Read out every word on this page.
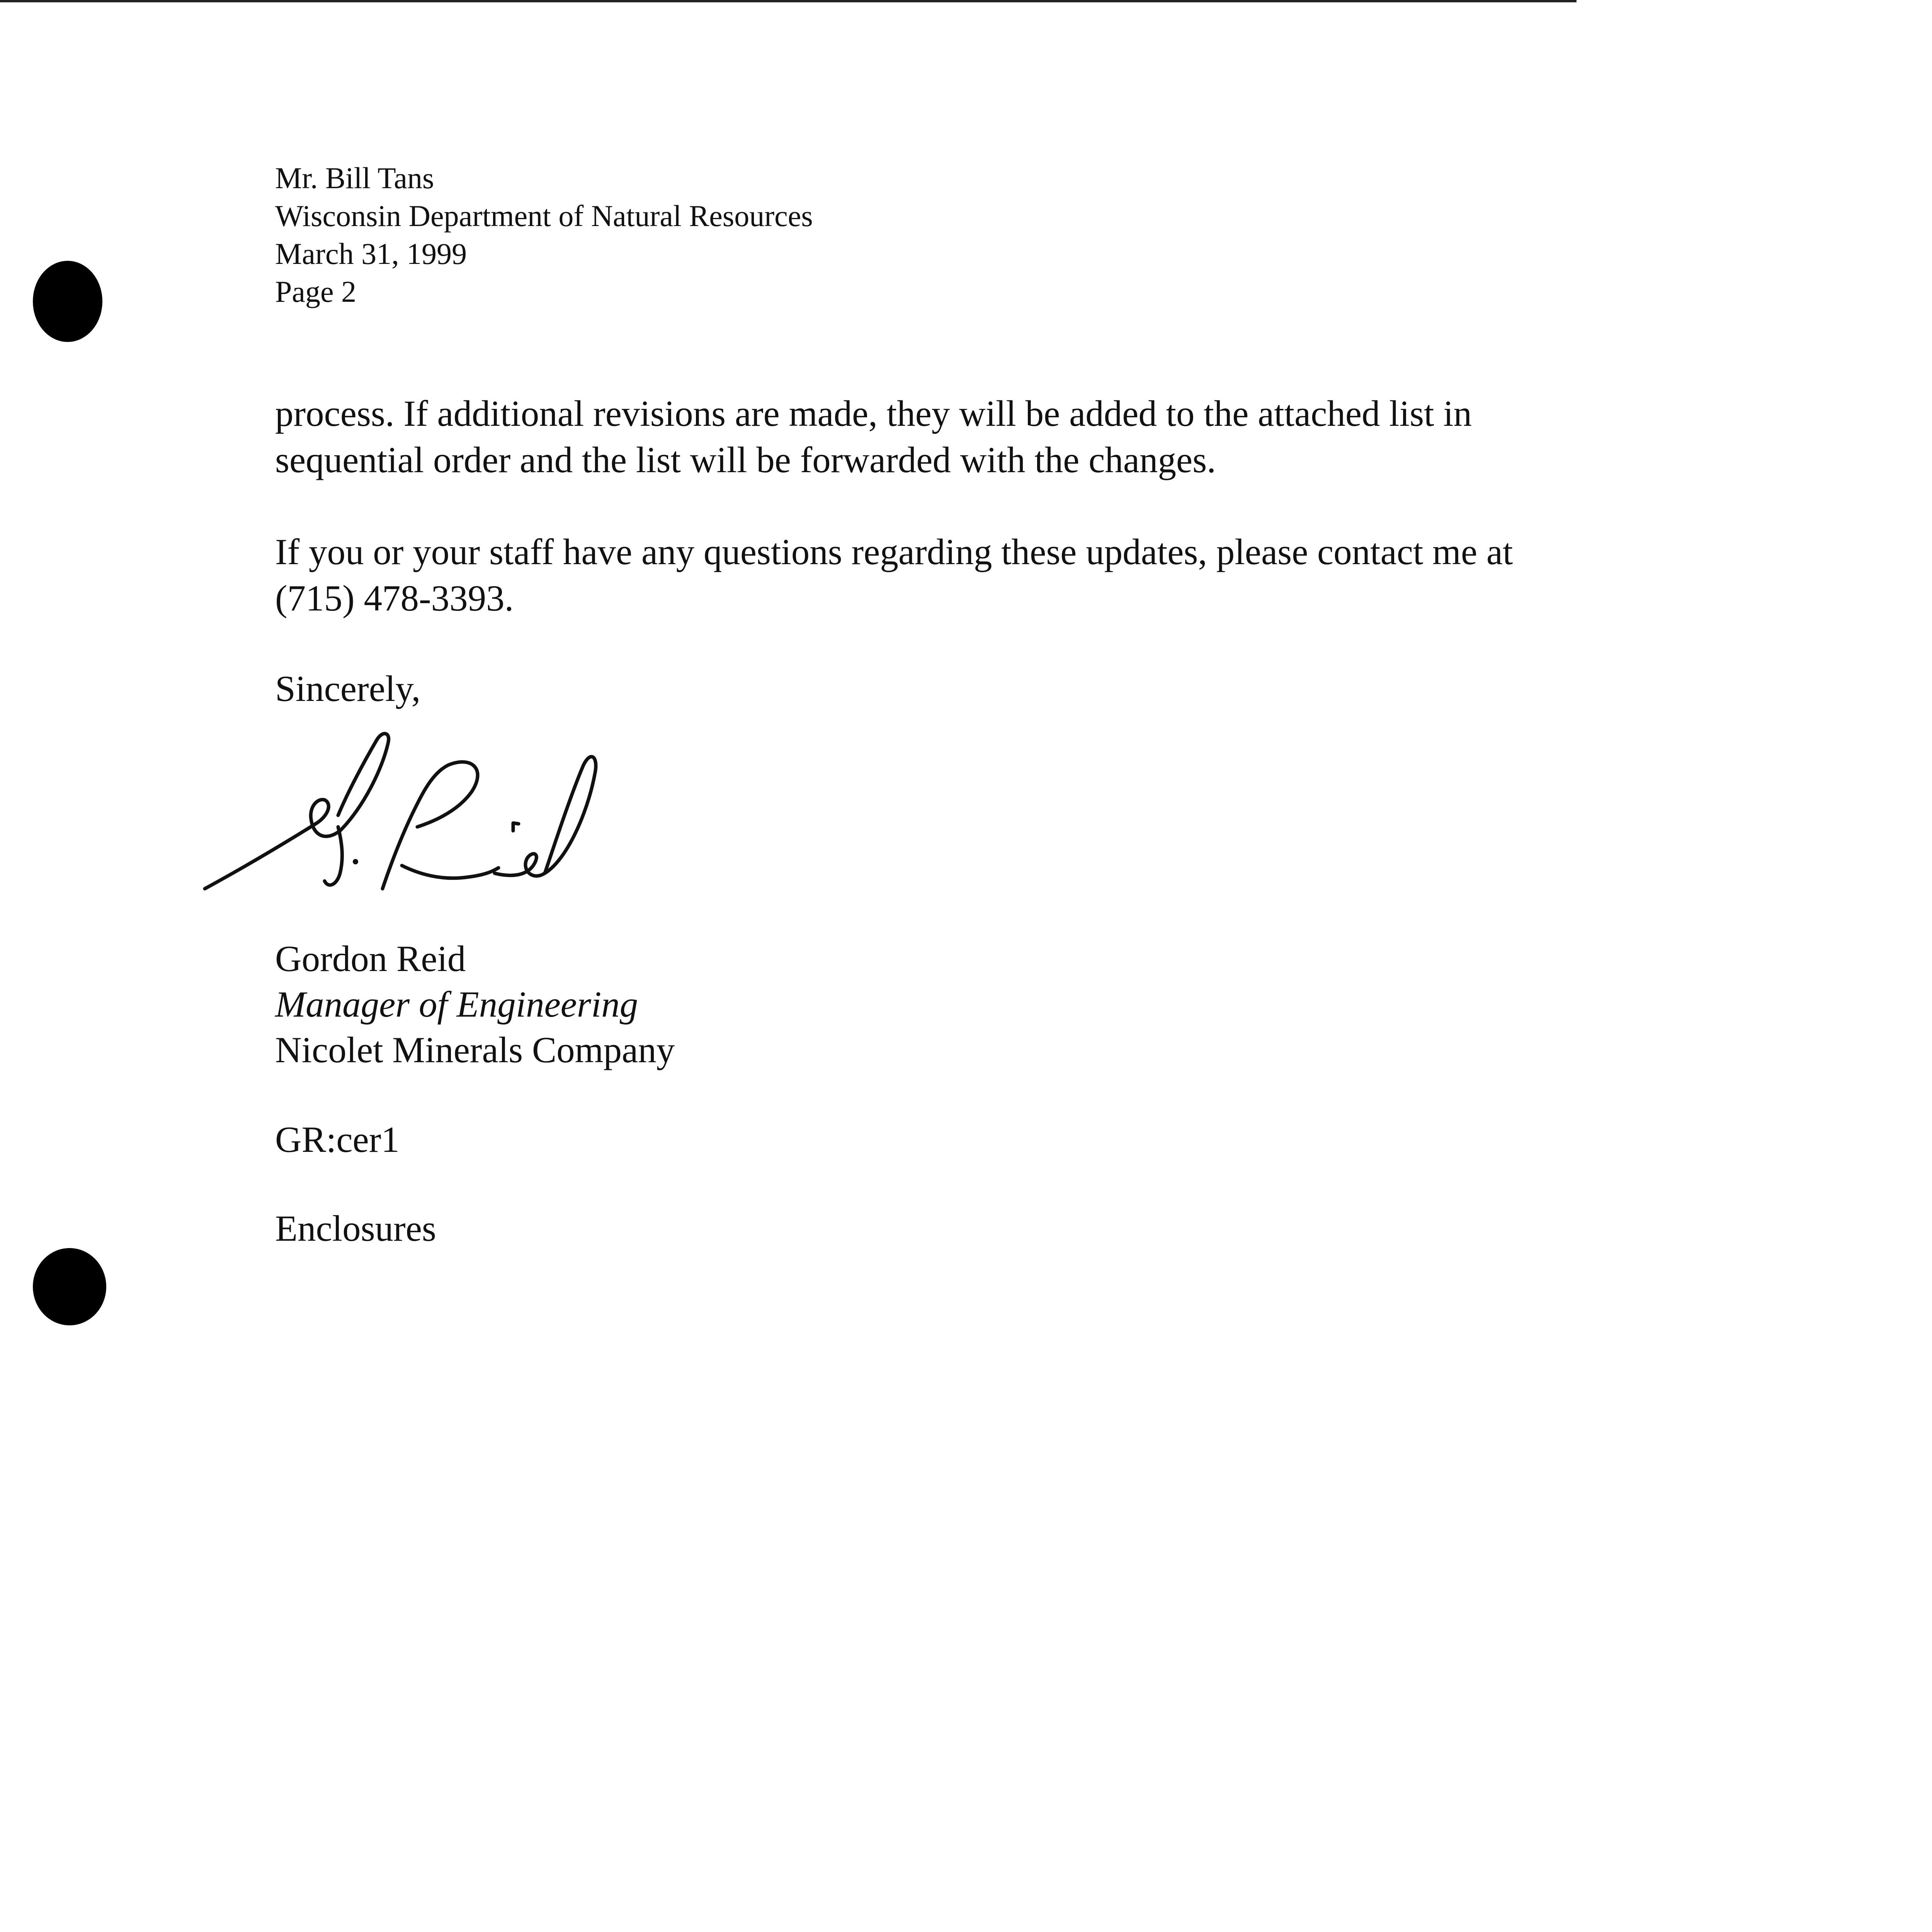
Mr. Bill Tans
Wisconsin Department of Natural Resources
March 31, 1999
Page 2
process. If additional revisions are made, they will be added to the attached list in
sequential order and the list will be forwarded with the changes.
If you or your staff have any questions regarding these updates, please contact me at
(715) 478-3393.
Sincerely,
Gordon Reid
Manager of Engineering
Nicolet Minerals Company
GR:cer1
Enclosures
